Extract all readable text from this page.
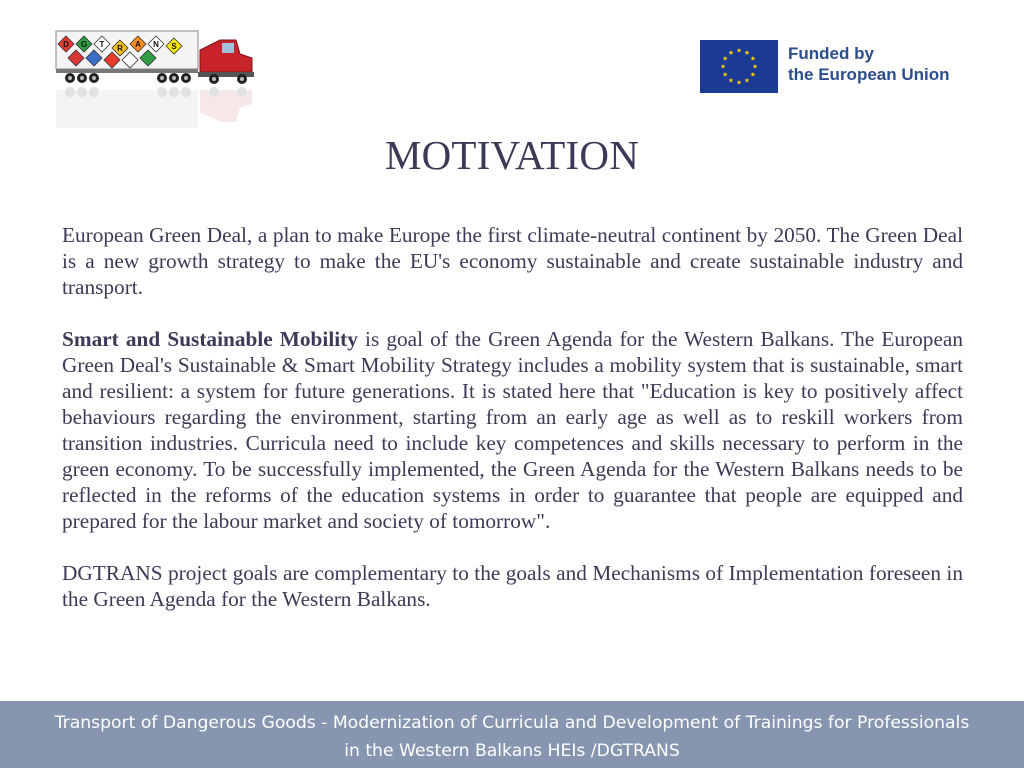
D G T R A N S	Funded by
the European Union
MOTIVATION

European Green Deal, a plan to make Europe the first climate-neutral continent by 2050. The Green Deal is a new growth strategy to make the EU's economy sustainable and create sustainable industry and transport.

Smart and Sustainable Mobility is goal of the Green Agenda for the Western Balkans. The European Green Deal's Sustainable & Smart Mobility Strategy includes a mobility system that is sustainable, smart and resilient: a system for future generations. It is stated here that "Education is key to positively affect behaviours regarding the environment, starting from an early age as well as to reskill workers from transition industries. Curricula need to include key competences and skills necessary to perform in the green economy. To be successfully implemented, the Green Agenda for the Western Balkans needs to be reflected in the reforms of the education systems in order to guarantee that people are equipped and prepared for the labour market and society of tomorrow".

DGTRANS project goals are complementary to the goals and Mechanisms of Implementation foreseen in the Green Agenda for the Western Balkans.

Transport of Dangerous Goods - Modernization of Curricula and Development of Trainings for Professionals
in the Western Balkans HEIs /DGTRANS
